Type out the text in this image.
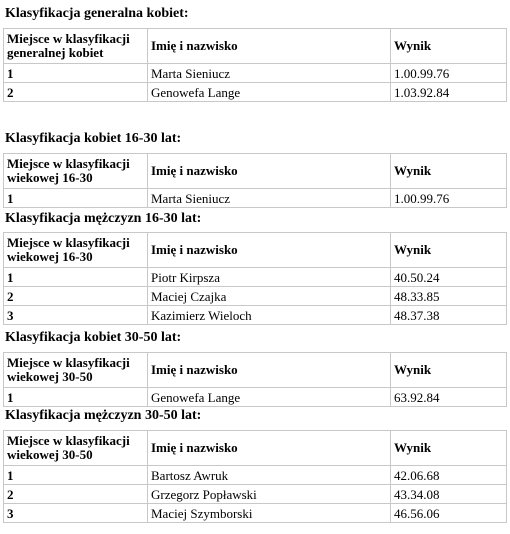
Klasyfikacja generalna kobiet:
Miejsce w klasyfikacji generalnej kobiet	Imię i nazwisko	Wynik
1	Marta Sieniucz	1.00.99.76
2	Genowefa Lange	1.03.92.84
Klasyfikacja kobiet 16-30 lat:
Miejsce w klasyfikacji wiekowej 16-30	Imię i nazwisko	Wynik
1	Marta Sieniucz	1.00.99.76
Klasyfikacja mężczyzn 16-30 lat:
Miejsce w klasyfikacji wiekowej 16-30	Imię i nazwisko	Wynik
1	Piotr Kirpsza	40.50.24
2	Maciej Czajka	48.33.85
3	Kazimierz Wieloch	48.37.38
Klasyfikacja kobiet 30-50 lat:
Miejsce w klasyfikacji wiekowej 30-50	Imię i nazwisko	Wynik
1	Genowefa Lange	63.92.84
Klasyfikacja mężczyzn 30-50 lat:
Miejsce w klasyfikacji wiekowej 30-50	Imię i nazwisko	Wynik
1	Bartosz Awruk	42.06.68
2	Grzegorz Popławski	43.34.08
3	Maciej Szymborski	46.56.06
